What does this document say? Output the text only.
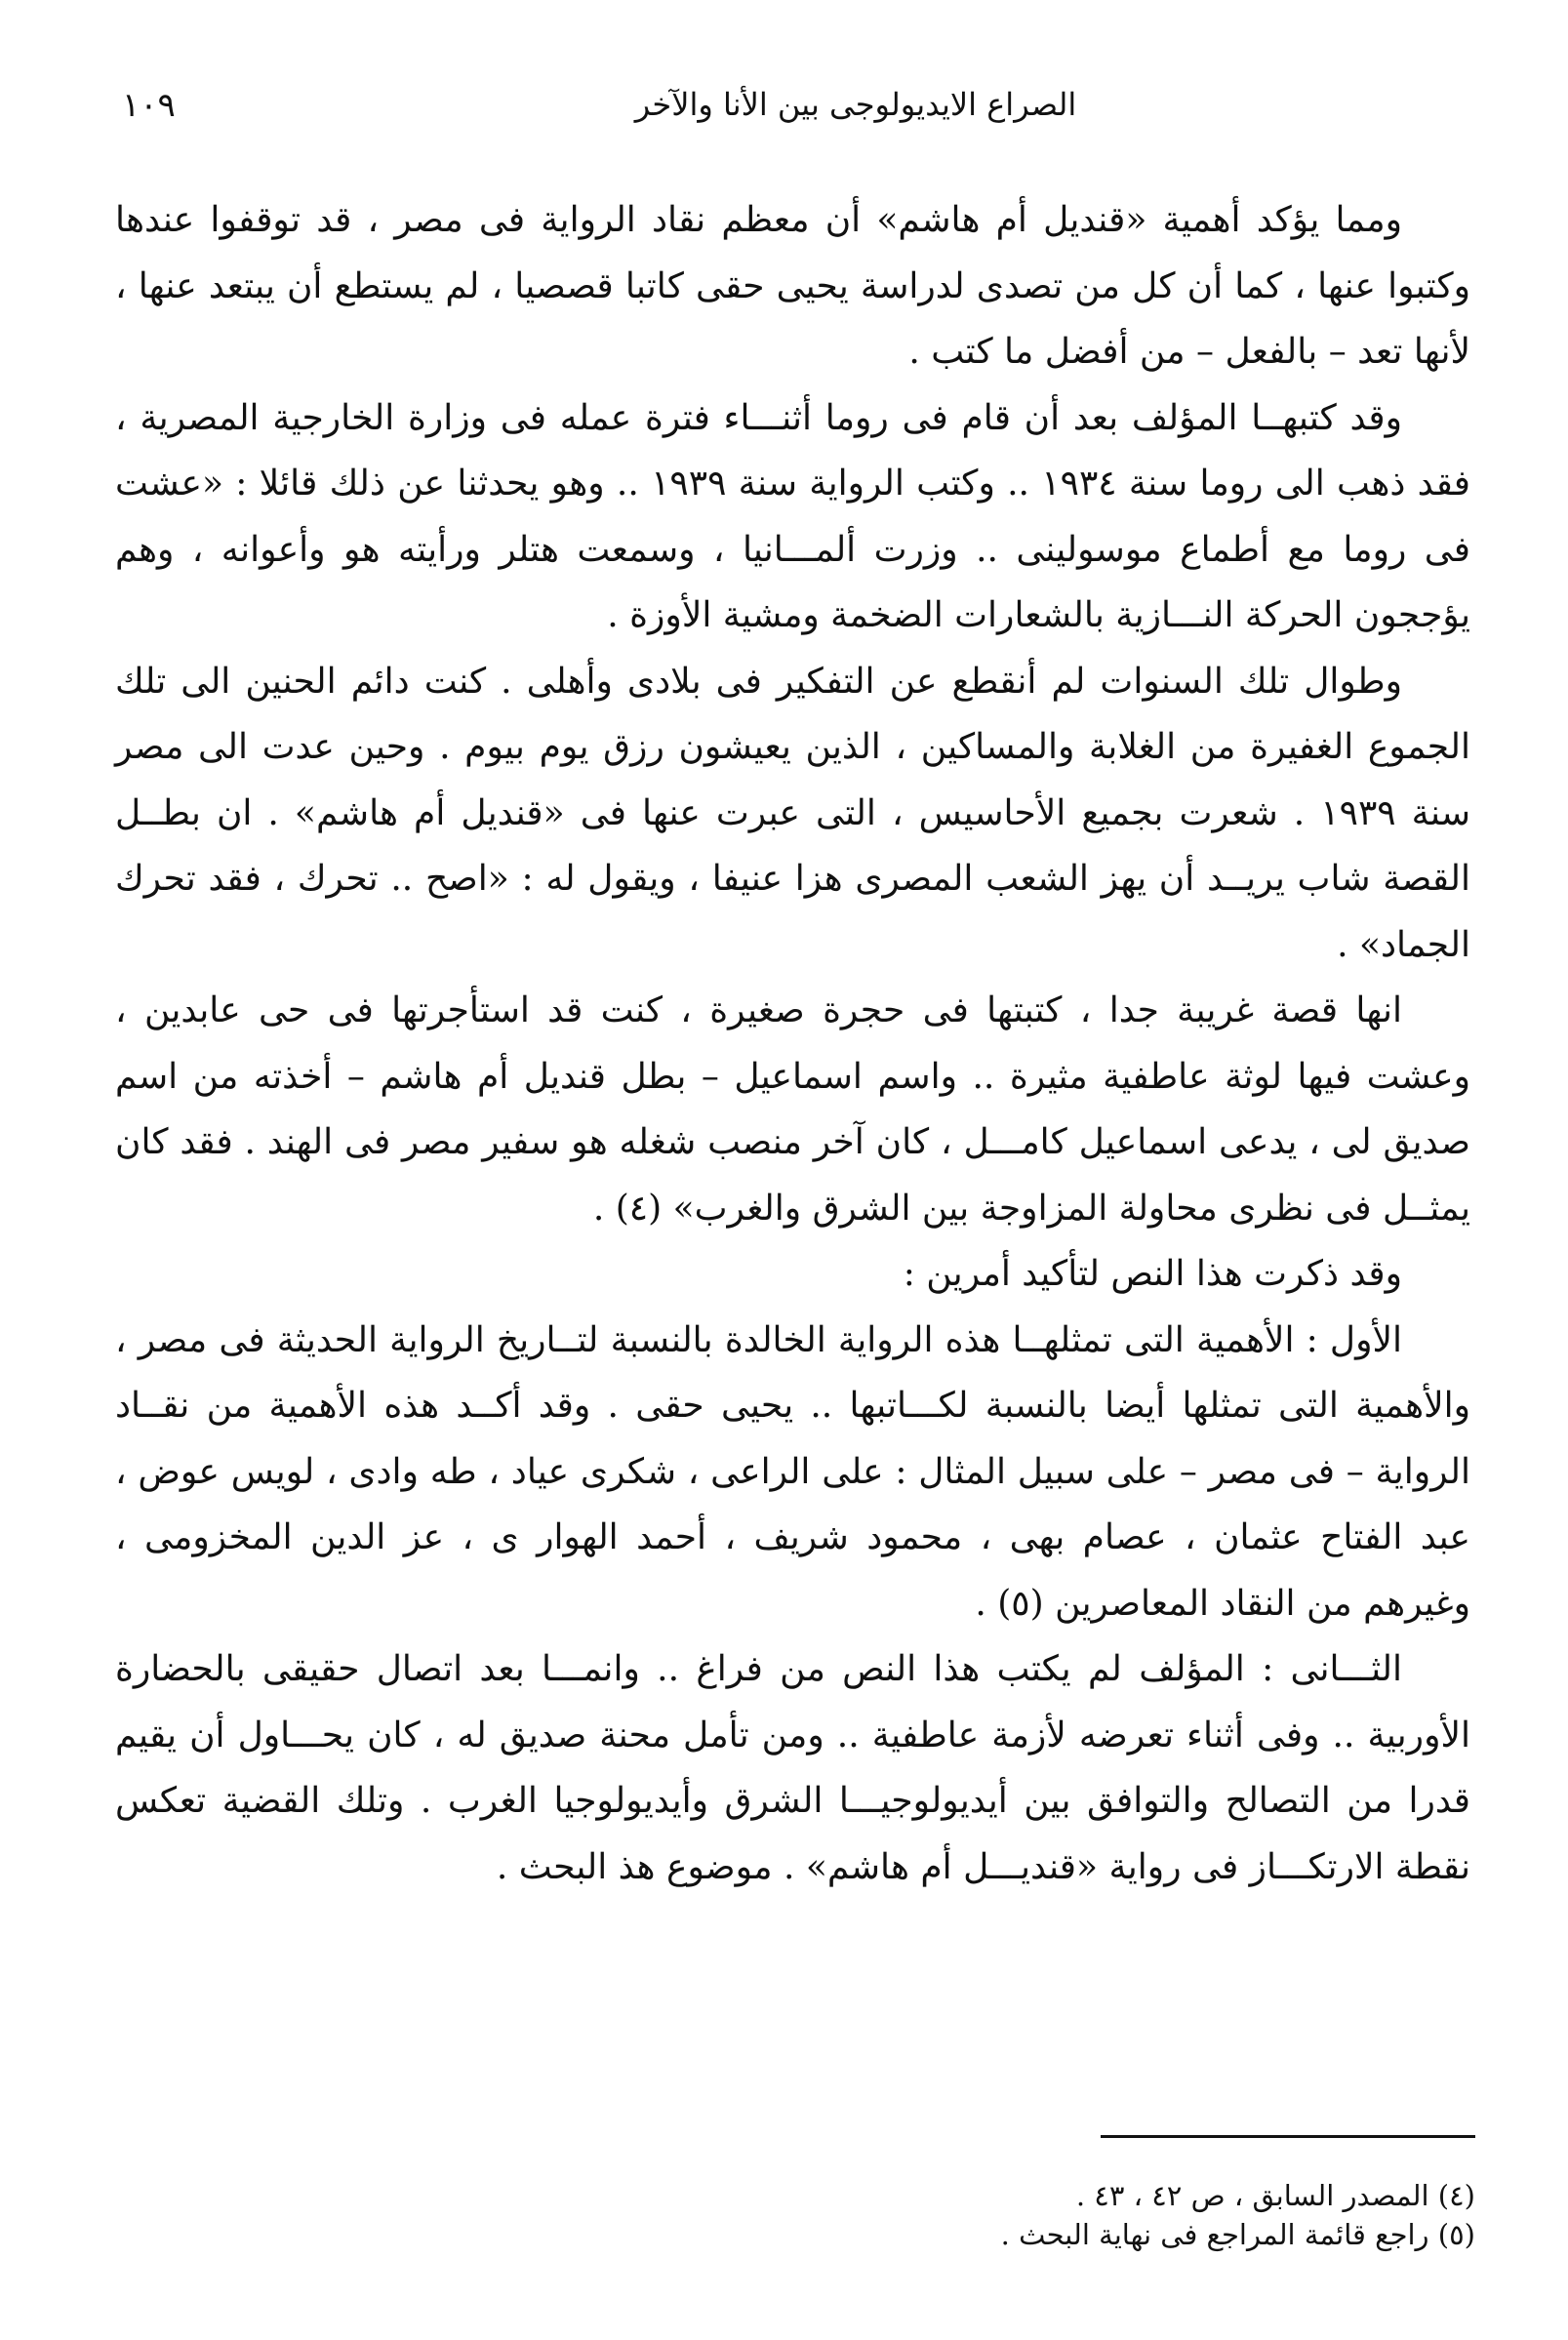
١٠٩	الصراع الايديولوجى بين الأنا والآخر

ومما يؤكد أهمية «قنديل أم هاشم» أن معظم نقاد الرواية فى مصر ، قد توقفوا عندها وكتبوا عنها ، كما أن كل من تصدى لدراسة يحيى حقى كاتبا قصصيا ، لم يستطع أن يبتعد عنها ، لأنها تعد – بالفعل – من أفضل ما كتب .

وقد كتبهــا المؤلف بعد أن قام فى روما أثنـــاء فترة عمله فى وزارة الخارجية المصرية ، فقد ذهب الى روما سنة ١٩٣٤ .. وكتب الرواية سنة ١٩٣٩ .. وهو يحدثنا عن ذلك قائلا : «عشت فى روما مع أطماع موسولينى .. وزرت ألمـــانيا ، وسمعت هتلر ورأيته هو وأعوانه ، وهم يؤججون الحركة النـــازية بالشعارات الضخمة ومشية الأوزة .

وطوال تلك السنوات لم أنقطع عن التفكير فى بلادى وأهلى . كنت دائم الحنين الى تلك الجموع الغفيرة من الغلابة والمساكين ، الذين يعيشون رزق يوم بيوم . وحين عدت الى مصر سنة ١٩٣٩ . شعرت بجميع الأحاسيس ، التى عبرت عنها فى «قنديل أم هاشم» . ان بطــل القصة شاب يريــد أن يهز الشعب المصرى هزا عنيفا ، ويقول له : «اصح .. تحرك ، فقد تحرك الجماد» .

انها قصة غريبة جدا ، كتبتها فى حجرة صغيرة ، كنت قد استأجرتها فى حى عابدين ، وعشت فيها لوثة عاطفية مثيرة .. واسم اسماعيل – بطل قنديل أم هاشم – أخذته من اسم صديق لى ، يدعى اسماعيل كامـــل ، كان آخر منصب شغله هو سفير مصر فى الهند . فقد كان يمثــل فى نظرى محاولة المزاوجة بين الشرق والغرب» (٤) .

وقد ذكرت هذا النص لتأكيد أمرين :

الأول : الأهمية التى تمثلهــا هذه الرواية الخالدة بالنسبة لتــاريخ الرواية الحديثة فى مصر ، والأهمية التى تمثلها أيضا بالنسبة لكـــاتبها .. يحيى حقى . وقد أكــد هذه الأهمية من نقــاد الرواية – فى مصر – على سبيل المثال : على الراعى ، شكرى عياد ، طه وادى ، لويس عوض ، عبد الفتاح عثمان ، عصام بهى ، محمود شريف ، أحمد الهوار ى ، عز الدين المخزومى ، وغيرهم من النقاد المعاصرين (٥) .

الثـــانى : المؤلف لم يكتب هذا النص من فراغ .. وانمـــا بعد اتصال حقيقى بالحضارة الأوربية .. وفى أثناء تعرضه لأزمة عاطفية .. ومن تأمل محنة صديق له ، كان يحـــاول أن يقيم قدرا من التصالح والتوافق بين أيديولوجيـــا الشرق وأيديولوجيا الغرب . وتلك القضية تعكس نقطة الارتكـــاز فى رواية «قنديـــل أم هاشم» . موضوع هذ البحث .

(٤) المصدر السابق ، ص ٤٢ ، ٤٣ .
(٥) راجع قائمة المراجع فى نهاية البحث .
